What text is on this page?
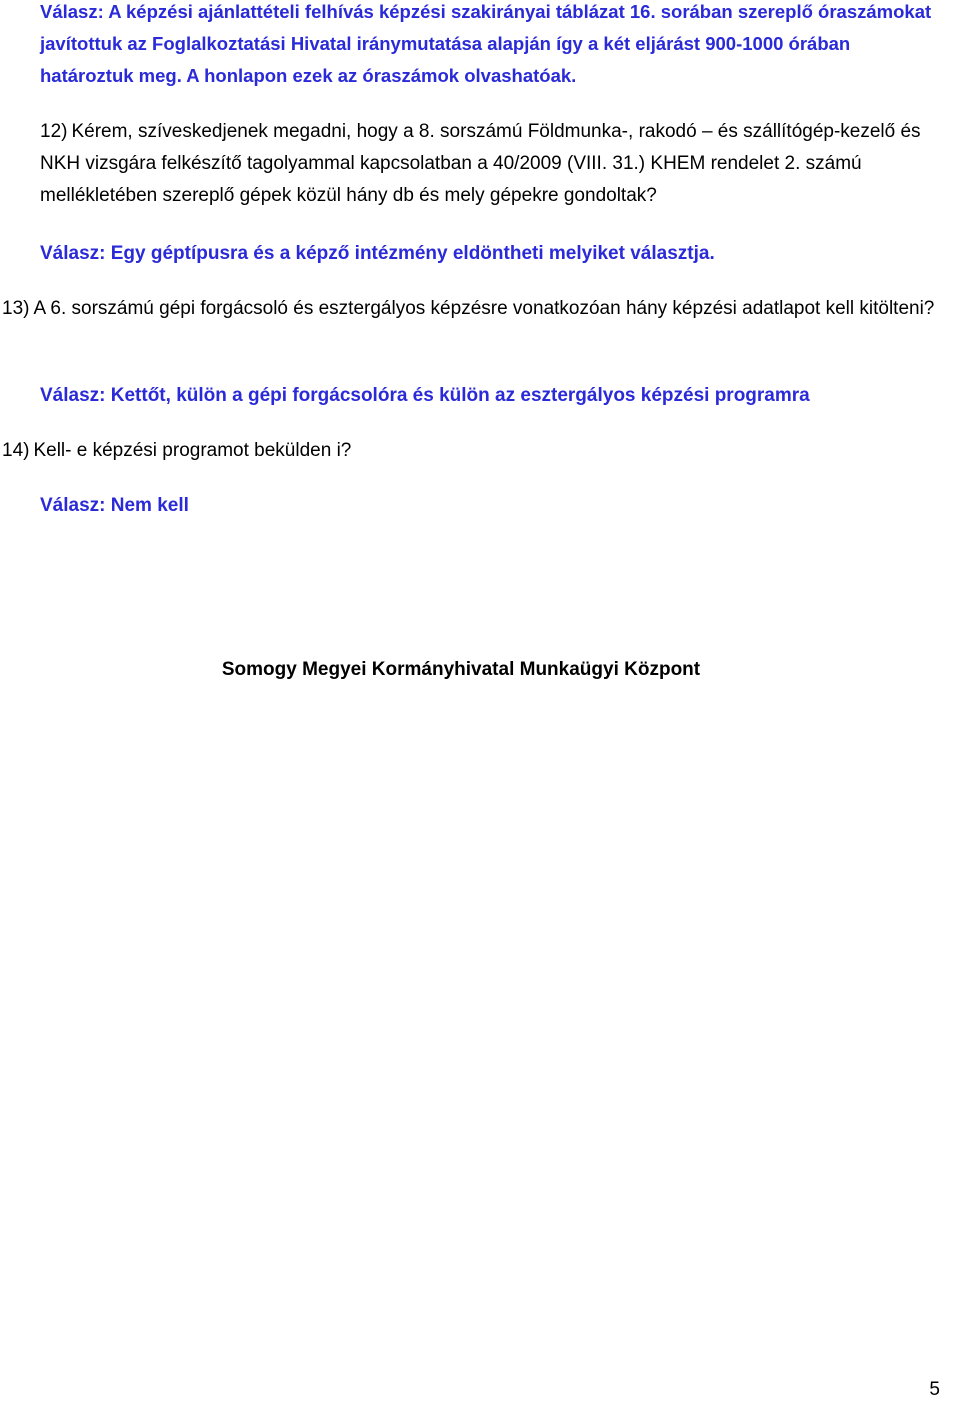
Válasz: A képzési ajánlattételi felhívás képzési szakirányai táblázat 16. sorában szereplő óraszámokat javítottuk az Foglalkoztatási Hivatal iránymutatása alapján így a két eljárást 900-1000 órában határoztuk meg. A honlapon ezek az óraszámok olvashatóak.
12) Kérem, szíveskedjenek megadni, hogy a 8. sorszámú Földmunka-, rakodó – és szállítógép-kezelő és NKH vizsgára felkészítő tagolyammal kapcsolatban a 40/2009 (VIII. 31.) KHEM rendelet 2. számú mellékletében szereplő gépek közül hány db és mely gépekre gondoltak?
Válasz: Egy géptípusra és a képző intézmény eldöntheti melyiket választja.
13) A 6. sorszámú gépi forgácsoló és esztergályos képzésre vonatkozóan hány képzési adatlapot kell kitölteni?
Válasz: Kettőt, külön a gépi forgácsolóra és külön az esztergályos képzési programra
14) Kell- e képzési programot bekülden i?
Válasz: Nem kell
Somogy Megyei Kormányhivatal Munkaügyi Központ
5
